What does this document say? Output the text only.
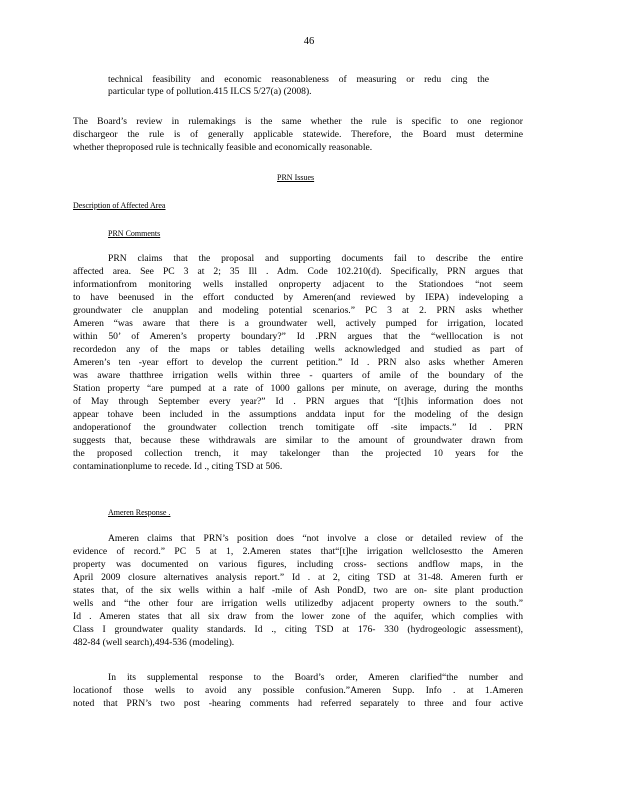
46
technical feasibility and economic reasonableness of measuring or redu cing the
particular type of pollution.415 ILCS 5/27(a) (2008).
The Board’s review in rulemakings is the same whether the rule is specific to one regionor
dischargeor the rule is of generally applicable statewide. Therefore, the Board must determine
whether theproposed rule is technically feasible and economically reasonable.
PRN Issues
Description of Affected Area
PRN Comments
PRN claims that the proposal and supporting documents fail to describe the entire
affected area. See PC 3 at 2; 35 Ill . Adm. Code 102.210(d). Specifically, PRN argues that
informationfrom monitoring wells installed onproperty adjacent to the Stationdoes “not seem
to have beenused in the effort conducted by Ameren(and reviewed by IEPA) indeveloping a
groundwater cle anupplan and modeling potential scenarios.” PC 3 at 2. PRN asks whether
Ameren “was aware that there is a groundwater well, actively pumped for irrigation, located
within 50’ of Ameren’s property boundary?” Id .PRN argues that the “welllocation is not
recordedon any of the maps or tables detailing wells acknowledged and studied as part of
Ameren’s ten -year effort to develop the current petition.” Id . PRN also asks whether Ameren
was aware thatthree irrigation wells within three - quarters of amile of the boundary of the
Station property “are pumped at a rate of 1000 gallons per minute, on average, during the months
of May through September every year?” Id . PRN argues that “[t]his information does not
appear tohave been included in the assumptions anddata input for the modeling of the design
andoperationof the groundwater collection trench tomitigate off -site impacts.” Id . PRN
suggests that, because these withdrawals are similar to the amount of groundwater drawn from
the proposed collection trench, it may takelonger than the projected 10 years for the
contaminationplume to recede. Id ., citing TSD at 506.
Ameren Response .
Ameren claims that PRN’s position does “not involve a close or detailed review of the
evidence of record.” PC 5 at 1, 2.Ameren states that“[t]he irrigation wellclosestto the Ameren
property was documented on various figures, including cross- sections andflow maps, in the
April 2009 closure alternatives analysis report.” Id . at 2, citing TSD at 31-48. Ameren furth er
states that, of the six wells within a half -mile of Ash PondD, two are on- site plant production
wells and “the other four are irrigation wells utilizedby adjacent property owners to the south.”
Id . Ameren states that all six draw from the lower zone of the aquifer, which complies with
Class I groundwater quality standards. Id ., citing TSD at 176- 330 (hydrogeologic assessment),
482-84 (well search),494-536 (modeling).
In its supplemental response to the Board’s order, Ameren clarified“the number and
locationof those wells to avoid any possible confusion.”Ameren Supp. Info . at 1.Ameren
noted that PRN’s two post -hearing comments had referred separately to three and four active
